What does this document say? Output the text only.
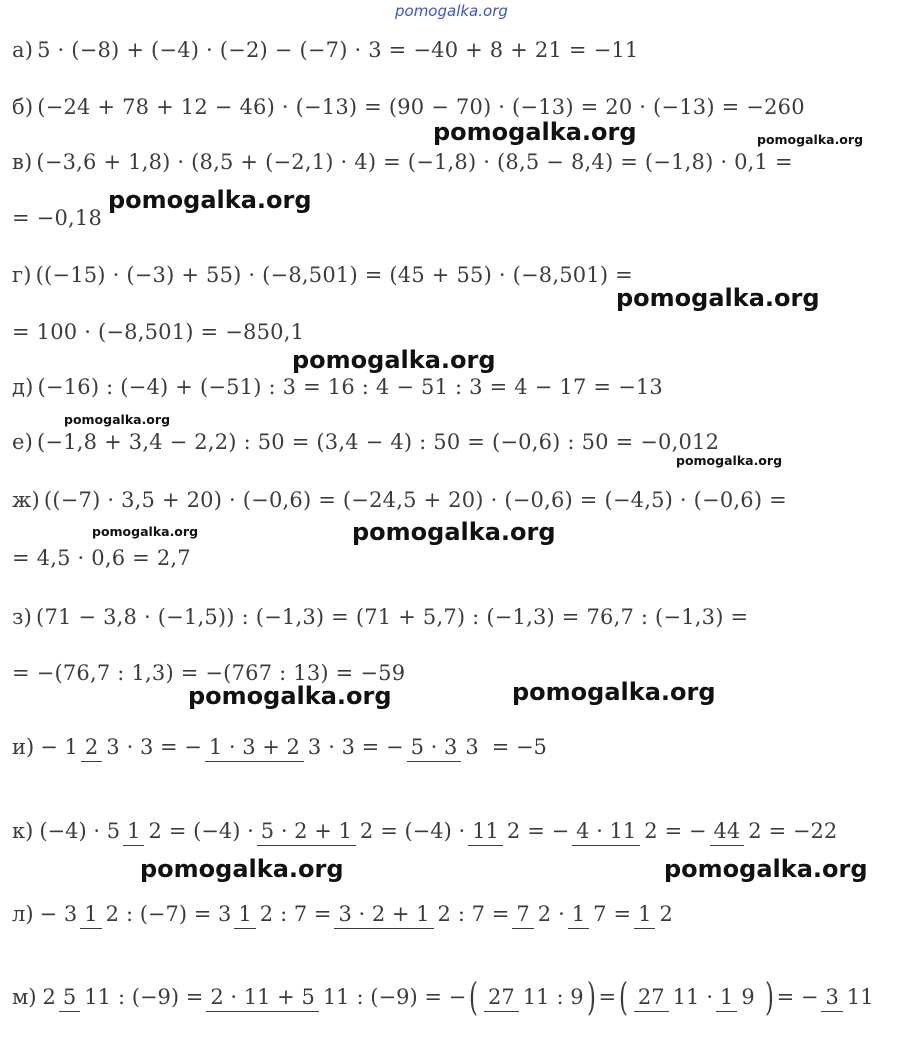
pomogalka.org
а) 5 · (−8) + (−4) · (−2) − (−7) · 3 = −40 + 8 + 21 = −11
б) (−24 + 78 + 12 − 46) · (−13) = (90 − 70) · (−13) = 20 · (−13) = −260
в) (−3,6 + 1,8) · (8,5 + (−2,1) · 4) = (−1,8) · (8,5 − 8,4) = (−1,8) · 0,1 =
= −0,18
г) ((−15) · (−3) + 55) · (−8,501) = (45 + 55) · (−8,501) =
= 100 · (−8,501) = −850,1
д) (−16) : (−4) + (−51) : 3 = 16 : 4 − 51 : 3 = 4 − 17 = −13
е) (−1,8 + 3,4 − 2,2) : 50 = (3,4 − 4) : 50 = (−0,6) : 50 = −0,012
ж) ((−7) · 3,5 + 20) · (−0,6) = (−24,5 + 20) · (−0,6) = (−4,5) · (−0,6) =
= 4,5 · 0,6 = 2,7
з) (71 − 3,8 · (−1,5)) : (−1,3) = (71 + 5,7) : (−1,3) = 76,7 : (−1,3) =
= −(76,7 : 1,3) = −(767 : 13) = −59
и) − 1 2 3 · 3 = − 1 · 3 + 2 3 · 3 = − 5 · 3 3 = −5
к) (−4) · 5 1 2 = (−4) · 5 · 2 + 1 2 = (−4) · 11 2 = − 4 · 11 2 = − 44 2 = −22
л) − 3 1 2 : (−7) = 3 1 2 : 7 = 3 · 2 + 1 2 : 7 = 7 2 · 1 7 = 1 2
м) 2 5 11 : (−9) = 2 · 11 + 5 11 : (−9) = − ( 27 11 : 9 ) = ( 27 11 · 1 9 ) = − 3 11
pomogalka.org	pomogalka.org
pomogalka.org
pomogalka.org
pomogalka.org
pomogalka.org
pomogalka.org
pomogalka.org	pomogalka.org
pomogalka.org	pomogalka.org
pomogalka.org	pomogalka.org
